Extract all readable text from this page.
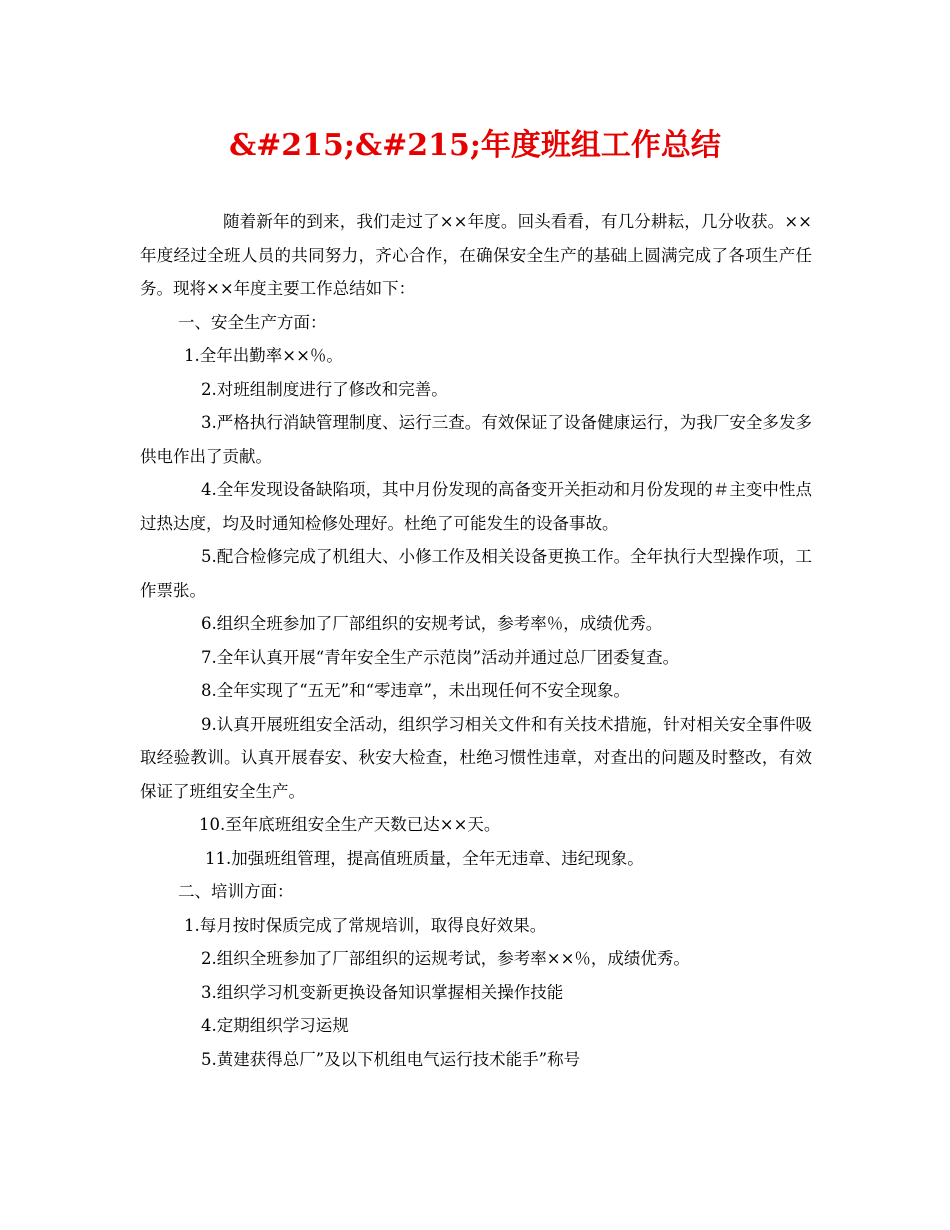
&#215;&#215;年度班组工作总结

随着新年的到来，我们走过了××年度。回头看看，有几分耕耘，几分收获。××年度经过全班人员的共同努力，齐心合作，在确保安全生产的基础上圆满完成了各项生产任务。现将××年度主要工作总结如下：

一、安全生产方面：

1.全年出勤率××％。

2.对班组制度进行了修改和完善。

3.严格执行消缺管理制度、运行三查。有效保证了设备健康运行，为我厂安全多发多供电作出了贡献。

4.全年发现设备缺陷项，其中月份发现的高备变开关拒动和月份发现的＃主变中性点过热达度，均及时通知检修处理好。杜绝了可能发生的设备事故。

5.配合检修完成了机组大、小修工作及相关设备更换工作。全年执行大型操作项，工作票张。

6.组织全班参加了厂部组织的安规考试，参考率％，成绩优秀。

7.全年认真开展“青年安全生产示范岗”活动并通过总厂团委复查。

8.全年实现了“五无”和“零违章”，未出现任何不安全现象。

9.认真开展班组安全活动，组织学习相关文件和有关技术措施，针对相关安全事件吸取经验教训。认真开展春安、秋安大检查，杜绝习惯性违章，对查出的问题及时整改，有效保证了班组安全生产。

10.至年底班组安全生产天数已达××天。

11.加强班组管理，提高值班质量，全年无违章、违纪现象。

二、培训方面：

1.每月按时保质完成了常规培训，取得良好效果。

2.组织全班参加了厂部组织的运规考试，参考率××％，成绩优秀。

3.组织学习机变新更换设备知识掌握相关操作技能

4.定期组织学习运规

5.黄建获得总厂”及以下机组电气运行技术能手”称号
